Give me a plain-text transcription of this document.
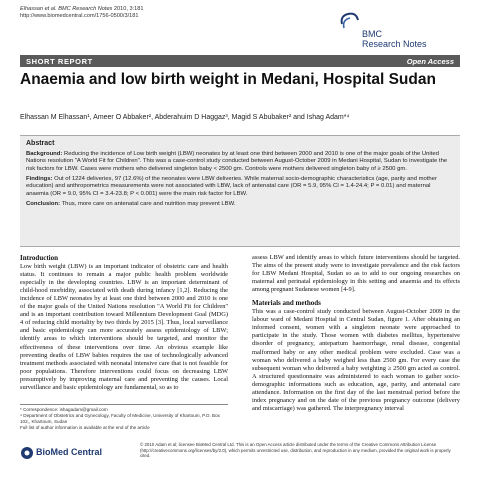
Elhassan et al. BMC Research Notes 2010, 3:181
http://www.biomedcentral.com/1756-0500/3/181
BMC
Research Notes
SHORT REPORT	Open Access
Anaemia and low birth weight in Medani, Hospital Sudan
Elhassan M Elhassan¹, Ameer O Abbaker², Abderahuim D Haggaz³, Magid S Abubaker² and Ishag Adam*⁴
Abstract

Background: Reducing the incidence of Low birth weight (LBW) neonates by at least one third between 2000 and 2010 is one of the major goals of the United Nations resolution "A World Fit for Children". This was a case-control study conducted between August-October 2009 in Medani Hospital, Sudan to investigate the risk factors for LBW. Cases were mothers who delivered singleton baby < 2500 gm. Controls were mothers delivered singleton baby of ≥ 2500 gm.

Findings: Out of 1224 deliveries, 97 (12.6%) of the neonates were LBW deliveries. While maternal socio-demographic characteristics (age, parity and mother education) and anthropometrics measurements were not associated with LBW, lack of antenatal care (OR = 5.9, 95% CI = 1.4-24.4; P = 0.01) and maternal anaemia (OR = 9.0, 95% CI = 3.4-23.8; P < 0.001) were the main risk factor for LBW.

Conclusion: Thus, more care on antenatal care and nutrition may prevent LBW.

Introduction

Low birth weight (LBW) is an important indicator of obstetric care and health status. It continues to remain a major public health problem worldwide especially in the developing countries. LBW is an important determinant of child-hood morbidity, associated with death during infancy [1,2]. Reducing the incidence of LBW neonates by at least one third between 2000 and 2010 is one of the major goals of the United Nations resolution "A World Fit for Children" and is an important contribution toward Millennium Development Goal (MDG) 4 of reducing child mortality by two thirds by 2015 [3]. Thus, local surveillance and basic epidemiology can more accurately assess epidemiology of LBW; identify areas to which interventions should be targeted, and monitor the effectiveness of these interventions over time. An obvious example like preventing deaths of LBW babies requires the use of technologically advanced treatment methods associated with neonatal intensive care that is not feasible for poor populations. Therefore interventions could focus on decreasing LBW presumptively by improving maternal care and preventing the causes. Local surveillance and basic epidemiology are fundamental, so as to

assess LBW and identify areas to which future interventions should be targeted. The aims of the present study were to investigate prevalence and the risk factors for LBW Medani Hospital, Sudan so as to add to our ongoing researches on maternal and perinatal epidemiology in this setting and anaemia and its effects among pregnant Sudanese women [4-9].

Materials and methods

This was a case-control study conducted between August-October 2009 in the labour ward of Medani Hospital in Central Sudan, figure 1. After obtaining an informed consent, women with a singleton neonate were approached to participate in the study. Those women with diabetes mellitus, hypertensive disorder of pregnancy, antepartum haemorrhage, renal disease, congenital malformed baby or any other medical problem were excluded. Case was a woman who delivered a baby weighed less than 2500 gm. For every case the subsequent woman who delivered a baby weighting ≥ 2500 gm acted as control. A structured questionnaire was administered to each woman to gather socio-demographic informations such as education, age, parity, and antenatal care attendance. Information on the first day of the last menstrual period before the index pregnancy and on the date of the previous pregnancy outcome (delivery and miscarriage) was gathered. The interpregnancy interval

* Correspondence: ishagadam@gmail.com
⁴ Department of Obstetrics and Gynecology, Faculty of Medicine, University of Khartoum, P.O. Box 102,, Khartoum, Sudan
Full list of author information is available at the end of the article
BioMed Central
© 2010 Adam et al; licensee BioMed Central Ltd. This is an Open Access article distributed under the terms of the Creative Commons Attribution License (http://creativecommons.org/licenses/by/2.0), which permits unrestricted use, distribution, and reproduction in any medium, provided the original work is properly cited.
